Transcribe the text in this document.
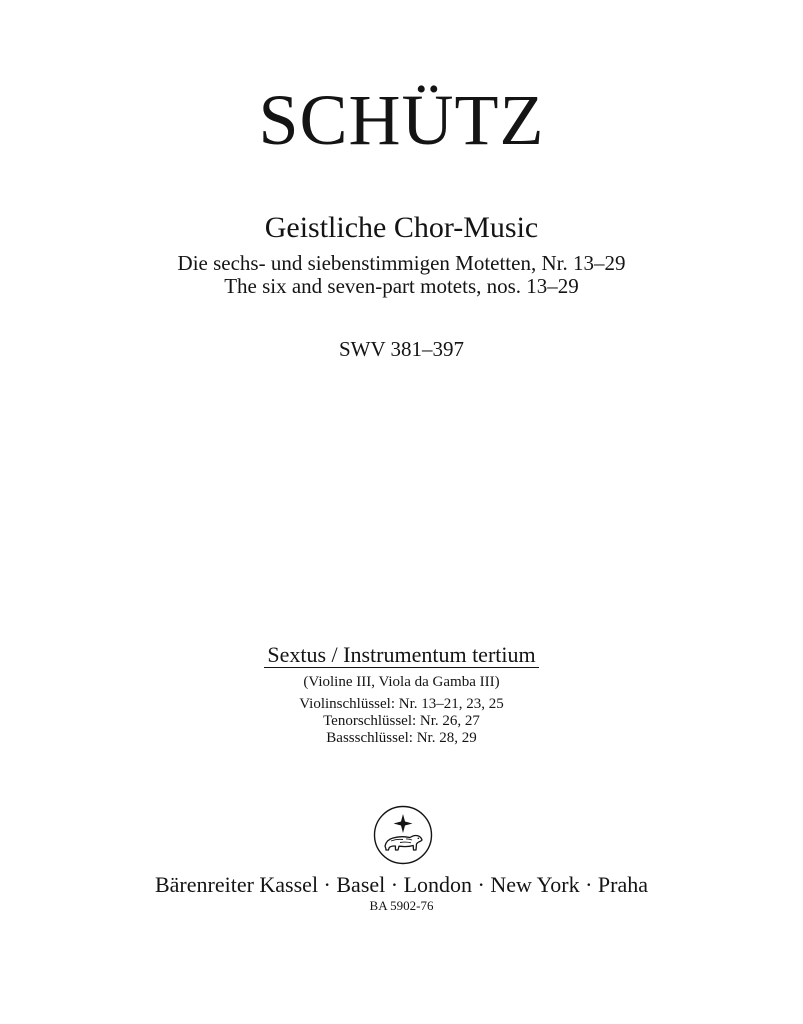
SCHÜTZ
Geistliche Chor-Music
Die sechs- und siebenstimmigen Motetten, Nr. 13–29
The six and seven-part motets, nos. 13–29
SWV 381–397
Sextus / Instrumentum tertium
(Violine III, Viola da Gamba III)
Violinschlüssel: Nr. 13–21, 23, 25
Tenorschlüssel: Nr. 26, 27
Bassschlüssel: Nr. 28, 29
Bärenreiter Kassel · Basel · London · New York · Praha
BA 5902-76
